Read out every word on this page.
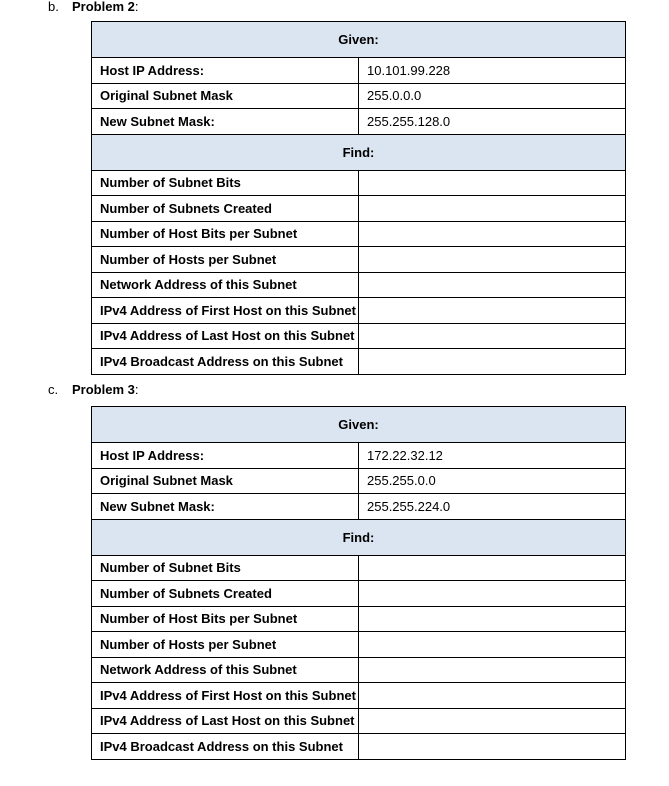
b. Problem 2:
Given:	
Host IP Address:	10.101.99.228
Original Subnet Mask	255.0.0.0
New Subnet Mask:	255.255.128.0
Find:	
Number of Subnet Bits	
Number of Subnets Created	
Number of Host Bits per Subnet	
Number of Hosts per Subnet	
Network Address of this Subnet	
IPv4 Address of First Host on this Subnet	
IPv4 Address of Last Host on this Subnet	
IPv4 Broadcast Address on this Subnet	
c. Problem 3:
Given:	
Host IP Address:	172.22.32.12
Original Subnet Mask	255.255.0.0
New Subnet Mask:	255.255.224.0
Find:	
Number of Subnet Bits	
Number of Subnets Created	
Number of Host Bits per Subnet	
Number of Hosts per Subnet	
Network Address of this Subnet	
IPv4 Address of First Host on this Subnet	
IPv4 Address of Last Host on this Subnet	
IPv4 Broadcast Address on this Subnet	
